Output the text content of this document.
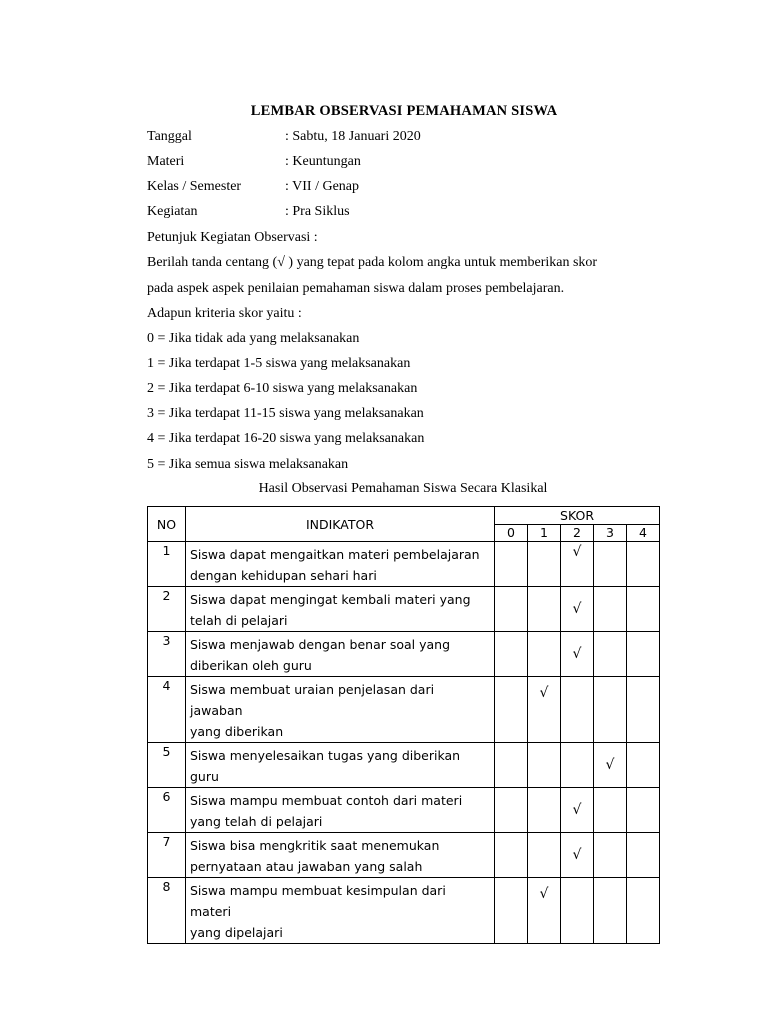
LEMBAR OBSERVASI PEMAHAMAN SISWA
Tanggal	: Sabtu, 18 Januari 2020
Materi	: Keuntungan
Kelas / Semester	: VII / Genap
Kegiatan	: Pra Siklus
Petunjuk Kegiatan Observasi :
Berilah tanda centang (√ ) yang tepat pada kolom angka untuk memberikan skor
pada aspek aspek penilaian pemahaman siswa dalam proses pembelajaran.
Adapun kriteria skor yaitu :
0 = Jika tidak ada yang melaksanakan
1 = Jika terdapat 1-5 siswa yang melaksanakan
2 = Jika terdapat 6-10 siswa yang melaksanakan
3 = Jika terdapat 11-15 siswa yang melaksanakan
4 = Jika terdapat 16-20 siswa yang melaksanakan
5 = Jika semua siswa melaksanakan
Hasil Observasi Pemahaman Siswa Secara Klasikal
NO	INDIKATOR	SKOR				
		0	1	2	3	4
1	Siswa dapat mengaitkan materi pembelajaran
dengan kehidupan sehari hari			√		

2	Siswa dapat mengingat kembali materi yang
telah di pelajari			√		

3	Siswa menjawab dengan benar soal yang
diberikan oleh guru			√		

4	Siswa membuat uraian penjelasan dari jawaban
yang diberikan		√			

5	Siswa menyelesaikan tugas yang diberikan
guru				√	

6	Siswa mampu membuat contoh dari materi
yang telah di pelajari			√		

7	Siswa bisa mengkritik saat menemukan
pernyataan atau jawaban yang salah			√		

8	Siswa mampu membuat kesimpulan dari materi
yang dipelajari		√			
